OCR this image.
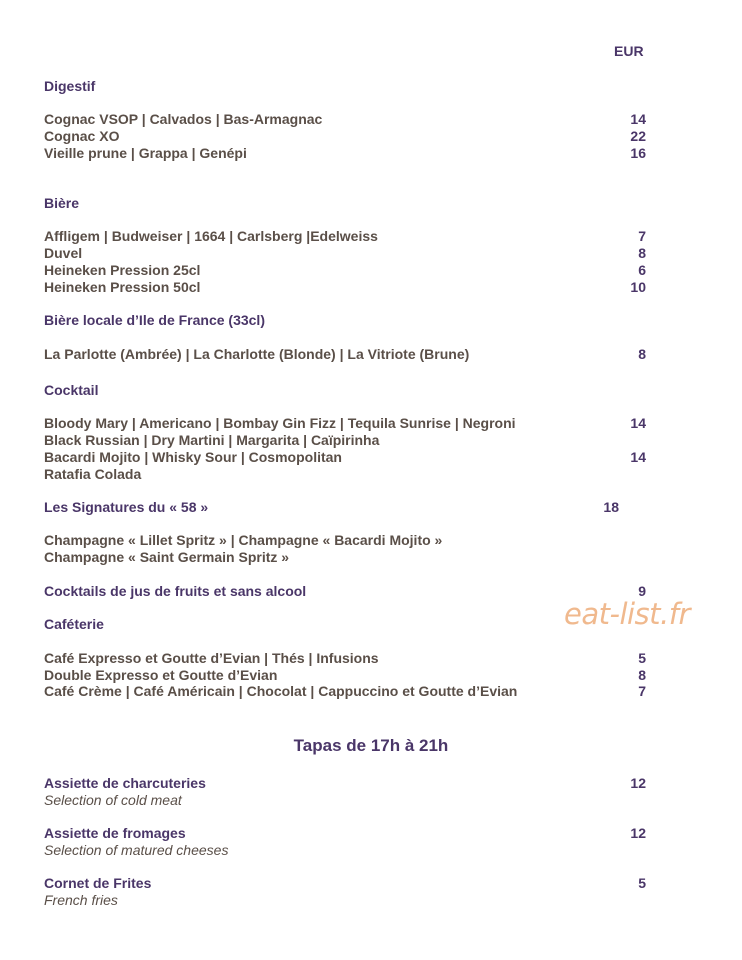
EUR
Digestif
Cognac VSOP | Calvados | Bas-Armagnac	14
Cognac XO	22
Vieille prune | Grappa | Genépi	16
Bière
Affligem | Budweiser | 1664 | Carlsberg |Edelweiss	7
Duvel	8
Heineken Pression 25cl	6
Heineken Pression 50cl	10
Bière locale d’Ile de France (33cl)
La Parlotte (Ambrée) | La Charlotte (Blonde) | La Vitriote (Brune)	8
Cocktail
Bloody Mary | Americano | Bombay Gin Fizz | Tequila Sunrise | Negroni	14
Black Russian | Dry Martini | Margarita | Caïpirinha
Bacardi Mojito | Whisky Sour | Cosmopolitan	14
Ratafia Colada
Les Signatures du « 58 »	18
Champagne « Lillet Spritz » | Champagne « Bacardi Mojito »
Champagne « Saint Germain Spritz »
Cocktails de jus de fruits et sans alcool	9
eat-list.fr
Caféterie
Café Expresso et Goutte d’Evian | Thés | Infusions	5
Double Expresso et Goutte d’Evian	8
Café Crème | Café Américain | Chocolat | Cappuccino et Goutte d’Evian	7
Tapas de 17h à 21h
Assiette de charcuteries	12
Selection of cold meat
Assiette de fromages	12
Selection of matured cheeses
Cornet de Frites	5
French fries
